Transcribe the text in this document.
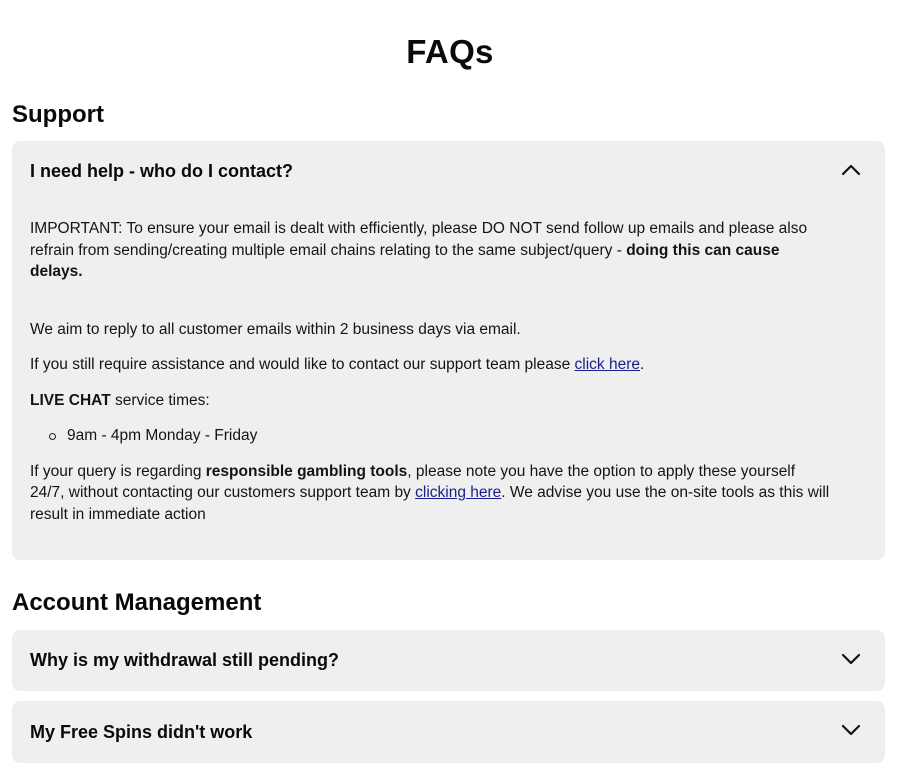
FAQs
Support
I need help - who do I contact?

IMPORTANT: To ensure your email is dealt with efficiently, please DO NOT send follow up emails and please also refrain from sending/creating multiple email chains relating to the same subject/query - doing this can cause delays.

We aim to reply to all customer emails within 2 business days via email.

If you still require assistance and would like to contact our support team please click here.

LIVE CHAT service times:

9am - 4pm Monday - Friday

If your query is regarding responsible gambling tools, please note you have the option to apply these yourself 24/7, without contacting our customers support team by clicking here. We advise you use the on-site tools as this will result in immediate action

Account Management
Why is my withdrawal still pending?
My Free Spins didn't work
